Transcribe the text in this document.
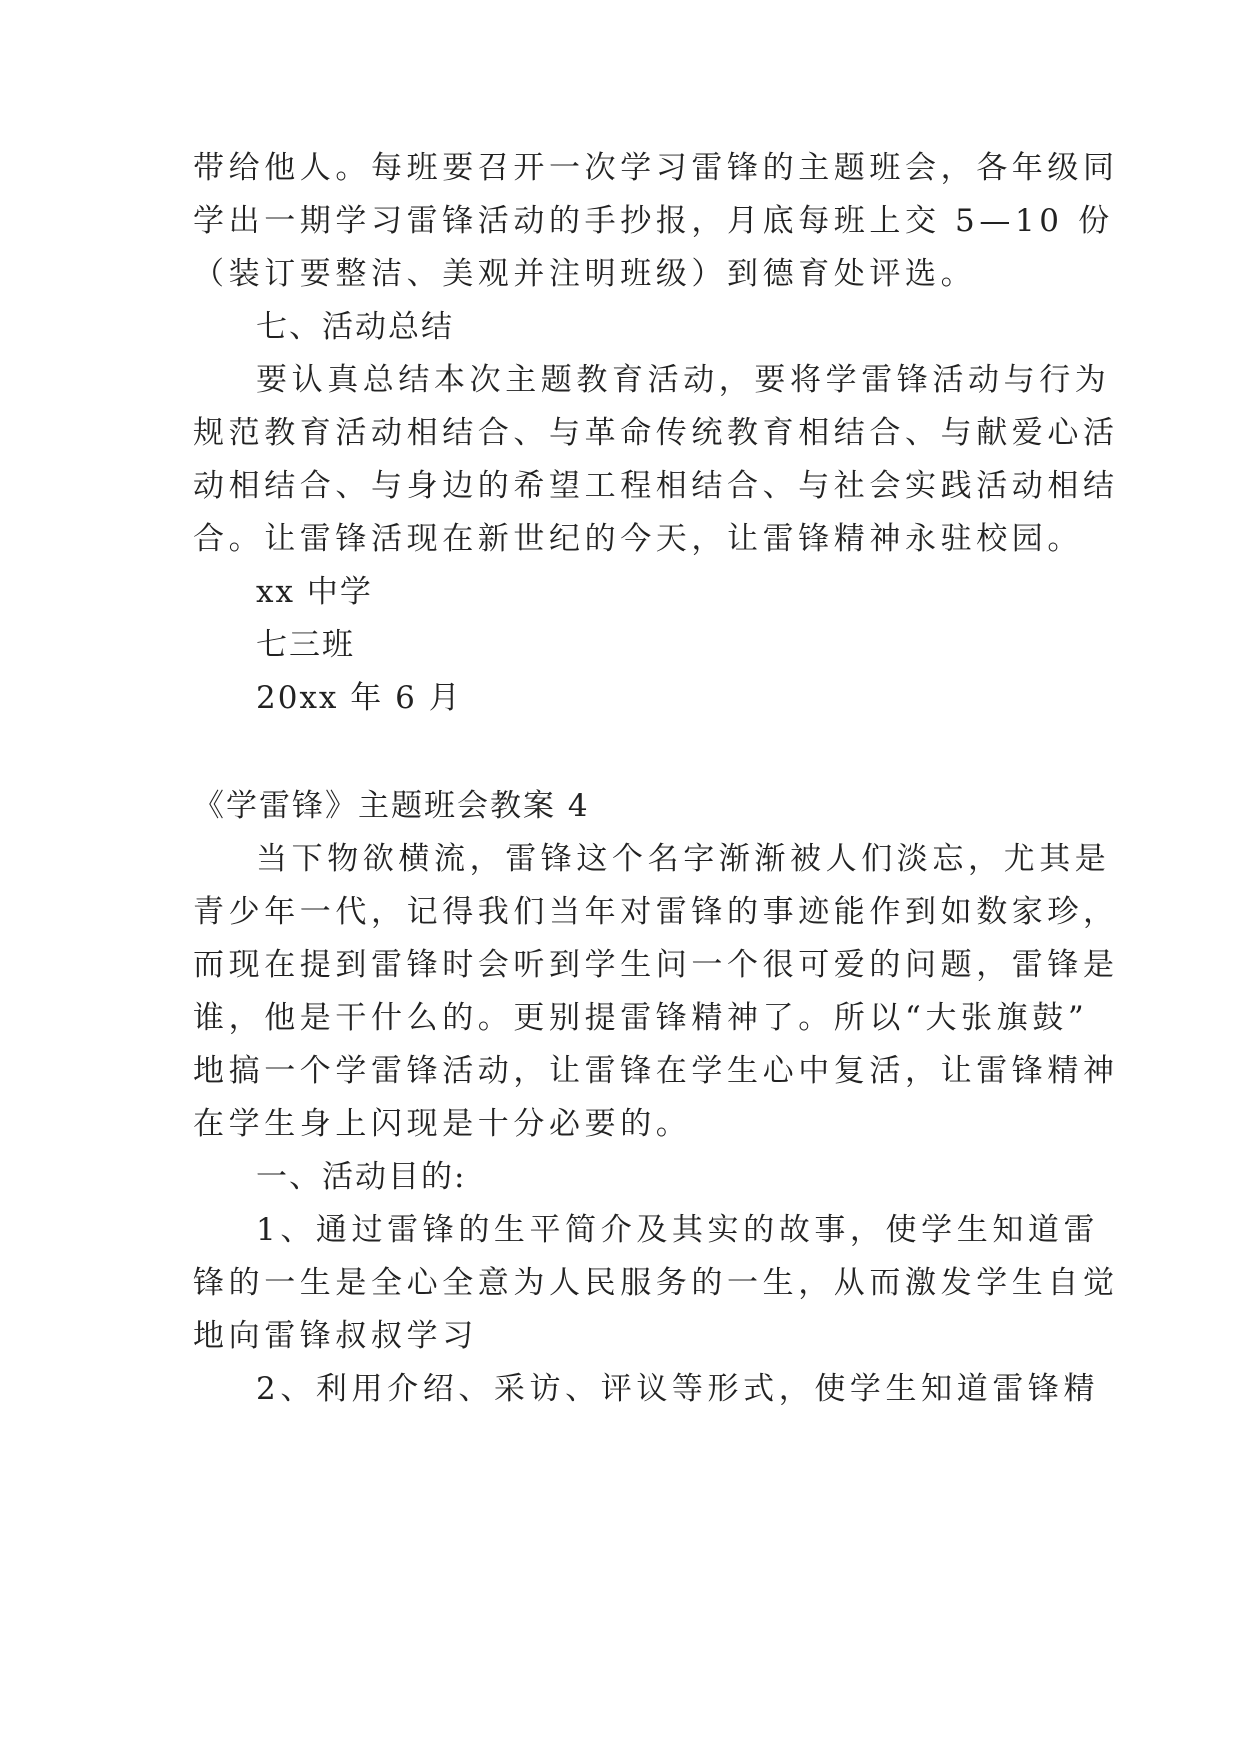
带给他人。每班要召开一次学习雷锋的主题班会，各年级同
学出一期学习雷锋活动的手抄报，月底每班上交 5—10 份
（装订要整洁、美观并注明班级）到德育处评选。
七、活动总结
要认真总结本次主题教育活动，要将学雷锋活动与行为
规范教育活动相结合、与革命传统教育相结合、与献爱心活
动相结合、与身边的希望工程相结合、与社会实践活动相结
合。让雷锋活现在新世纪的今天，让雷锋精神永驻校园。
xx 中学
七三班
20xx 年 6 月
《学雷锋》主题班会教案 4
当下物欲横流，雷锋这个名字渐渐被人们淡忘，尤其是
青少年一代，记得我们当年对雷锋的事迹能作到如数家珍，
而现在提到雷锋时会听到学生问一个很可爱的问题，雷锋是
谁，他是干什么的。更别提雷锋精神了。所以“大张旗鼓”
地搞一个学雷锋活动，让雷锋在学生心中复活，让雷锋精神
在学生身上闪现是十分必要的。
一、活动目的:
1、通过雷锋的生平简介及其实的故事，使学生知道雷
锋的一生是全心全意为人民服务的一生，从而激发学生自觉
地向雷锋叔叔学习
2、利用介绍、采访、评议等形式，使学生知道雷锋精
